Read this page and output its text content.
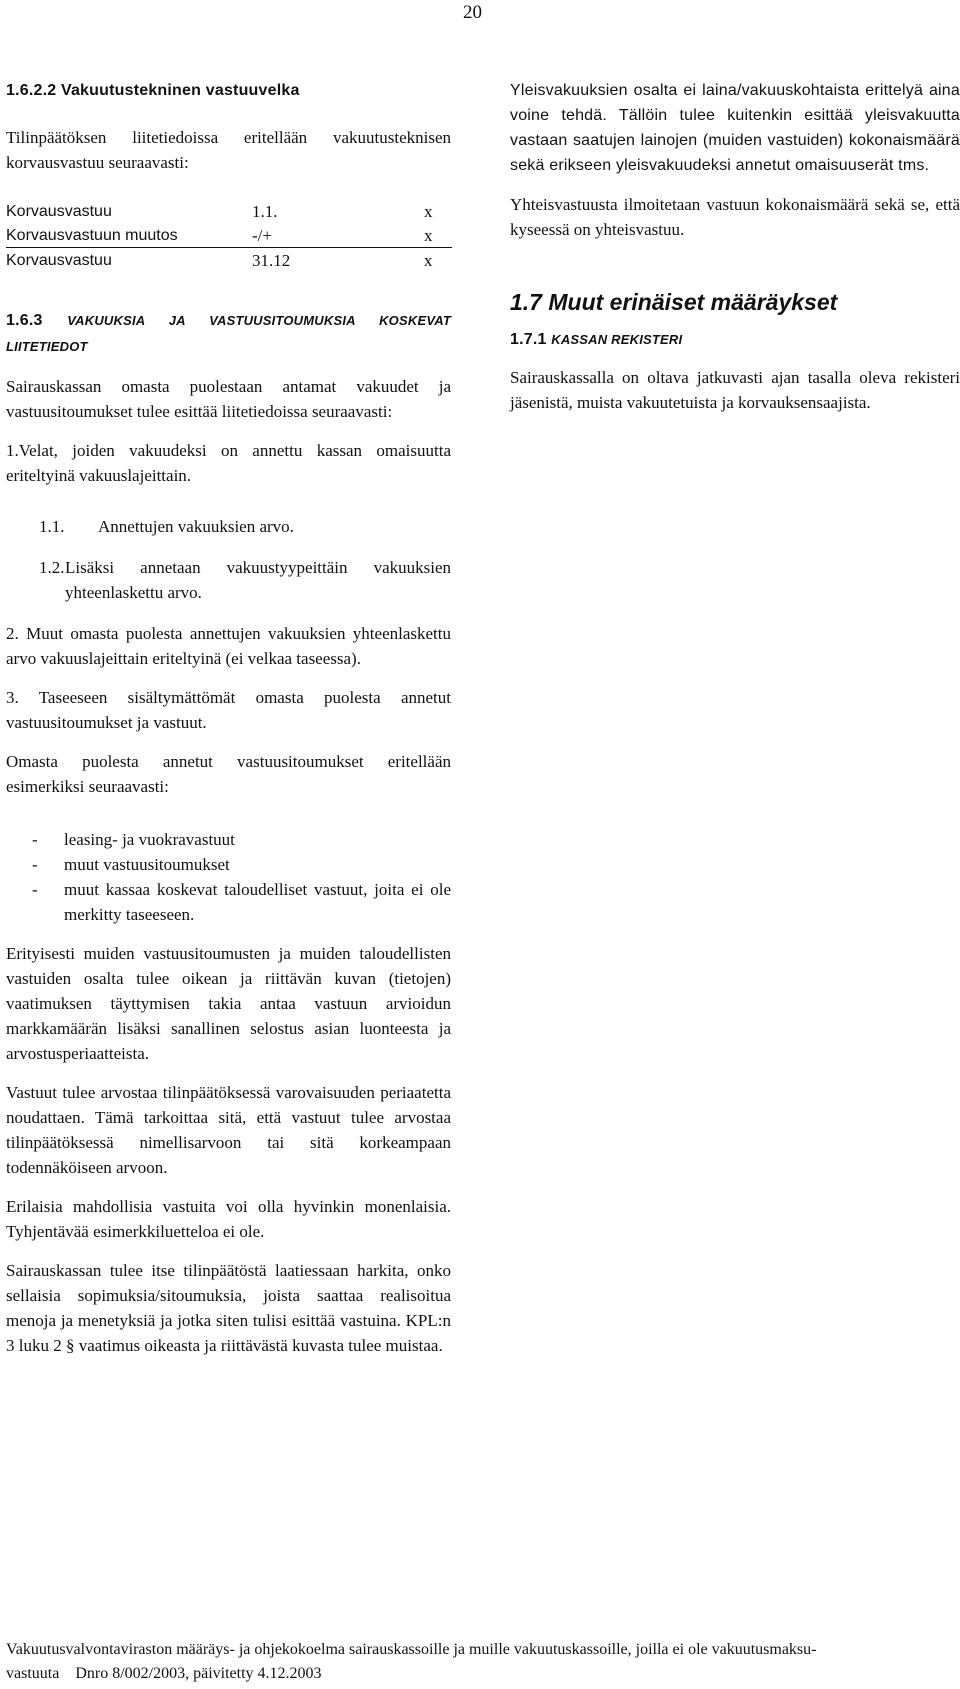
20
1.6.2.2 Vakuutustekninen vastuuvelka

Tilinpäätöksen liitetiedoissa eritellään vakuutusteknisen korvausvastuu seuraavasti:

Korvausvastuu	1.1.	x
Korvausvastuun muutos	-/+	x
Korvausvastuu	31.12	x
1.6.3 VAKUUKSIA JA VASTUUSITOUMUKSIA KOSKEVAT LIITETIEDOT

Sairauskassan omasta puolestaan antamat vakuudet ja vastuusitoumukset tulee esittää liitetiedoissa seuraavasti:

1.Velat, joiden vakuudeksi on annettu kassan omaisuutta eriteltyinä vakuuslajeittain.

1.1. Annettujen vakuuksien arvo.

1.2.Lisäksi annetaan vakuustyypeittäin vakuuksien yhteenlaskettu arvo.

2. Muut omasta puolesta annettujen vakuuksien yhteenlaskettu arvo vakuuslajeittain eriteltyinä (ei velkaa taseessa).

3. Taseeseen sisältymättömät omasta puolesta annetut vastuusitoumukset ja vastuut.

Omasta puolesta annetut vastuusitoumukset eritellään esimerkiksi seuraavasti:

- leasing- ja vuokravastuut
- muut vastuusitoumukset
- muut kassaa koskevat taloudelliset vastuut, joita ei ole merkitty taseeseen.

Erityisesti muiden vastuusitoumusten ja muiden taloudellisten vastuiden osalta tulee oikean ja riittävän kuvan (tietojen) vaatimuksen täyttymisen takia antaa vastuun arvioidun markkamäärän lisäksi sanallinen selostus asian luonteesta ja arvostusperiaatteista.

Vastuut tulee arvostaa tilinpäätöksessä varovaisuuden periaatetta noudattaen. Tämä tarkoittaa sitä, että vastuut tulee arvostaa tilinpäätöksessä nimellisarvoon tai sitä korkeampaan todennäköiseen arvoon.

Erilaisia mahdollisia vastuita voi olla hyvinkin monenlaisia. Tyhjentävää esimerkkiluetteloa ei ole.

Sairauskassan tulee itse tilinpäätöstä laatiessaan harkita, onko sellaisia sopimuksia/sitoumuksia, joista saattaa realisoitua menoja ja menetyksiä ja jotka siten tulisi esittää vastuina. KPL:n 3 luku 2 § vaatimus oikeasta ja riittävästä kuvasta tulee muistaa.

Yleisvakuuksien osalta ei laina/vakuuskohtaista erittelyä aina voine tehdä. Tällöin tulee kuitenkin esittää yleisvakuutta vastaan saatujen lainojen (muiden vastuiden) kokonaismäärä sekä erikseen yleisvakuudeksi annetut omaisuuserät tms.

Yhteisvastuusta ilmoitetaan vastuun kokonaismäärä sekä se, että kyseessä on yhteisvastuu.

1.7 Muut erinäiset määräykset
1.7.1 KASSAN REKISTERI

Sairauskassalla on oltava jatkuvasti ajan tasalla oleva rekisteri jäsenistä, muista vakuutetuista ja korvauksensaajista.

Vakuutusvalvontaviraston määräys- ja ohjekokoelma sairauskassoille ja muille vakuutuskassoille, joilla ei ole vakuutusmaksu-
vastuuta    Dnro 8/002/2003, päivitetty 4.12.2003
